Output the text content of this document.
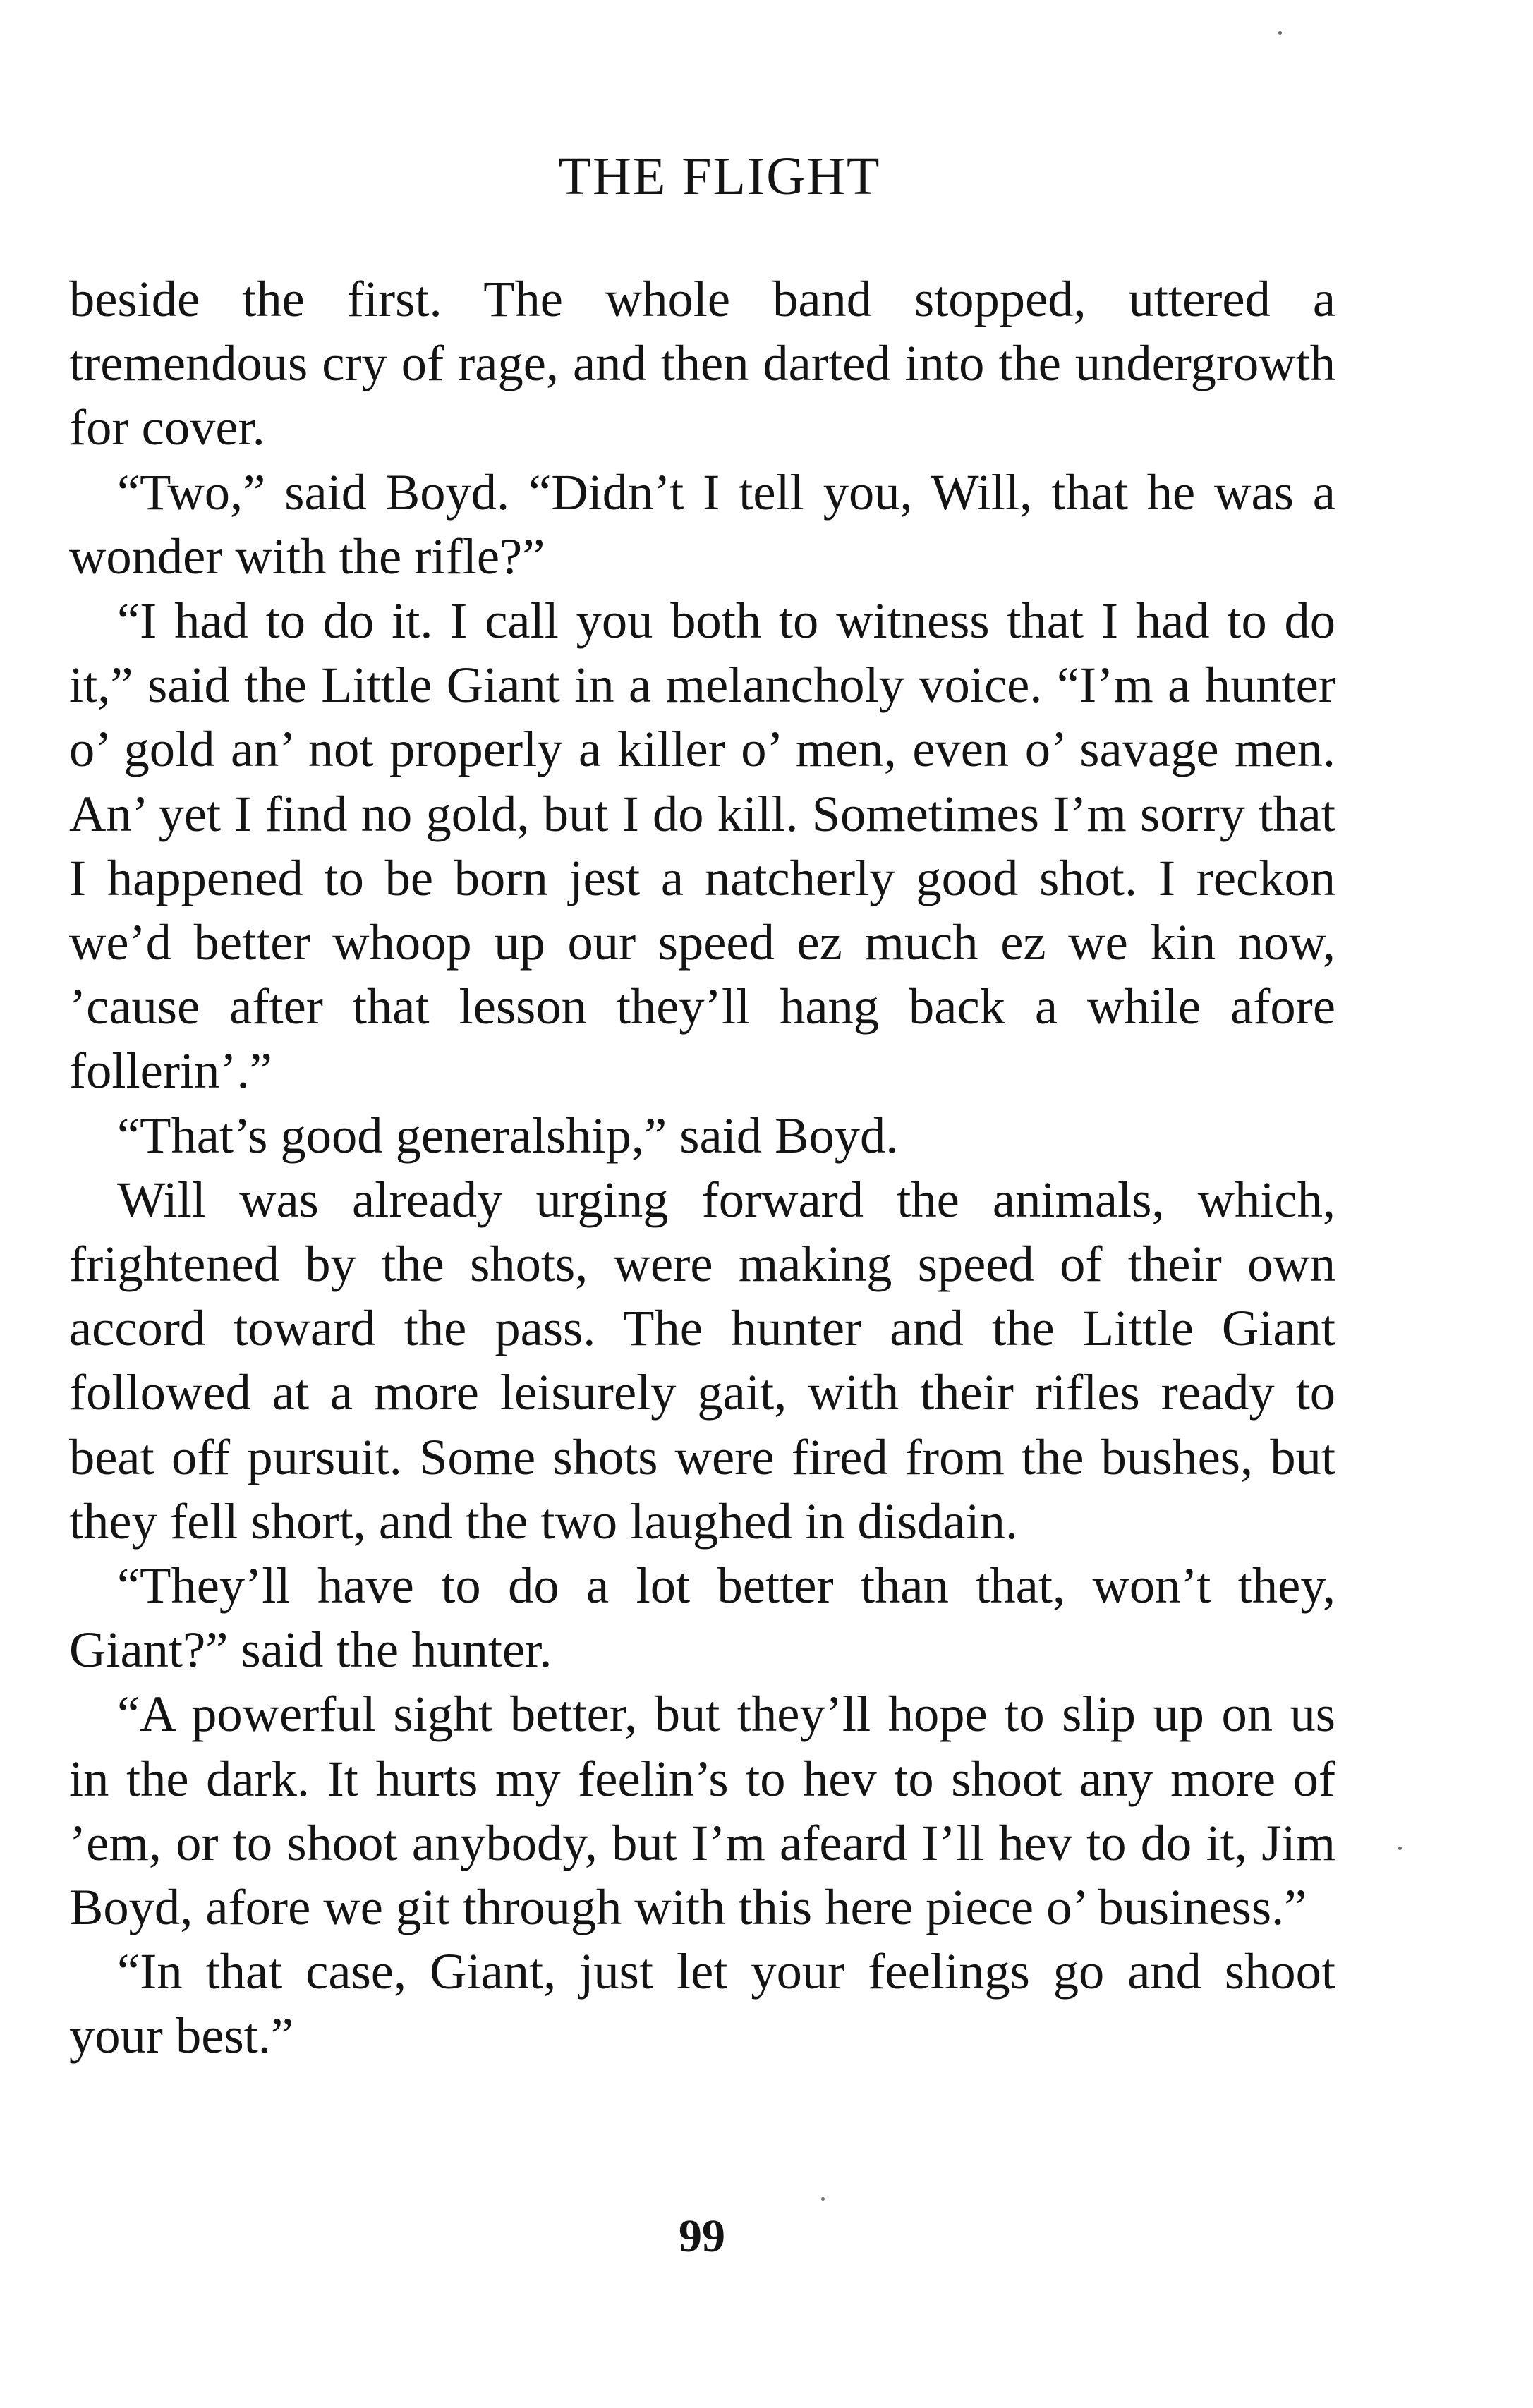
THE FLIGHT

beside the first. The whole band stopped, uttered a tremendous cry of rage, and then darted into the undergrowth for cover.

“Two,” said Boyd. “Didn’t I tell you, Will, that he was a wonder with the rifle?”

“I had to do it. I call you both to witness that I had to do it,” said the Little Giant in a melancholy voice. “I’m a hunter o’ gold an’ not properly a killer o’ men, even o’ savage men. An’ yet I find no gold, but I do kill. Sometimes I’m sorry that I happened to be born jest a natcherly good shot. I reckon we’d better whoop up our speed ez much ez we kin now, ’cause after that lesson they’ll hang back a while afore follerin’.”

“That’s good generalship,” said Boyd.

Will was already urging forward the animals, which, frightened by the shots, were making speed of their own accord toward the pass. The hunter and the Little Giant followed at a more leisurely gait, with their rifles ready to beat off pursuit. Some shots were fired from the bushes, but they fell short, and the two laughed in disdain.

“They’ll have to do a lot better than that, won’t they, Giant?” said the hunter.

“A powerful sight better, but they’ll hope to slip up on us in the dark. It hurts my feelin’s to hev to shoot any more of ’em, or to shoot anybody, but I’m afeard I’ll hev to do it, Jim Boyd, afore we git through with this here piece o’ business.”

“In that case, Giant, just let your feelings go and shoot your best.”

99
